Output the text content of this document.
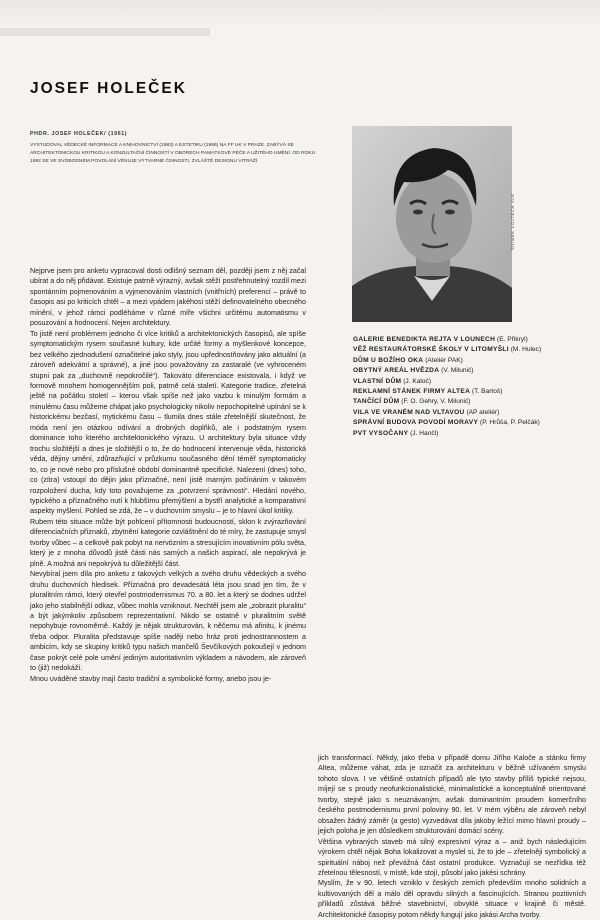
JOSEF HOLEČEK
PHDR. JOSEF HOLEČEK/ (1961)

VYSTUDOVAL VĚDECKÉ INFORMACE A KNIHOVNICTVÍ (1983) A ESTETIKU (1986) NA FF UK V PRAZE. ZABÝVÁ SE ARCHITEKTONICKOU KRITIKOU A KONZULTAČNÍ ČINNOSTÍ V OBORECH PAMÁTKOVÉ PÉČE A UŽITÉHO UMĚNÍ. OD ROKU 1992 SE VE SVOBODNÉM POVOLÁNÍ VĚNUJE VÝTVARNÉ ČINNOSTI, ZVLÁŠTĚ DESIGNU VITRÁŽÍ.

SNÍMEK VOJTĚCH VLK
GALERIE BENEDIKTA REJTA V LOUNECH (E. Přikryl)
VĚŽ RESTAURÁTORSKÉ ŠKOLY V LITOMYŠLI (M. Hulec)
DŮM U BOŽÍHO OKA (Ateliér PAK)
OBYTNÝ AREÁL HVĚZDA (V. Milunić)
VLASTNÍ DŮM (J. Kaloč)
REKLAMNÍ STÁNEK FIRMY ALTEA (T. Bartoš)
TANČÍCÍ DŮM (F. O. Gehry, V. Milunić)
VILA VE VRANÉM NAD VLTAVOU (AP ateliér)
SPRÁVNÍ BUDOVA POVODÍ MORAVY (P. Hrůša, P. Pelčák)
PVT VYSOČANY (J. Hančl)

Nejprve jsem pro anketu vypracoval dosti odlišný seznam děl, později jsem z něj začal ubírat a do něj přidávat. Existuje patrně výrazný, avšak stěží postřehnutelný rozdíl mezi spontánním pojmenováním a vyjmenováním vlastních (vnitřních) preferencí – právě to časopis asi po kriticích chtěl – a mezi vpádem jakéhosi stěží definovatelného obecného mínění, v jehož rámci podléháme v různé míře všichni určitému automatismu v posuzování a hodnocení. Nejen architektury.

To jistě není problémem jednoho či více kritiků a architektonických časopisů, ale spíše symptomatickým rysem současné kultury, kde určité formy a myšlenkové koncepce, bez velkého zjednodušení označitelné jako styly, jsou upřednostňovány jako aktuální (a zároveň adekvátní a správné), a jiné jsou považovány za zastaralé (ve vyhroceném stupni pak za „duchovně nepokročilé“). Takováto diferenciace existovala, i když ve formově mnohem homogennějším poli, patrně celá staletí. Kategorie tradice, zřetelná ještě na počátku století – kterou však spíše než jako vazbu k minulým formám a minulému času můžeme chápat jako psychologicky nikoliv nepochopitelné upínání se k historickému bezčasí, mytickému času – tlumila dnes stále zřetelnější skutečnost, že móda není jen otázkou odívání a drobných doplňků, ale i podstatným rysem dominance toho kterého architektonického výrazu. U architektury byla situace vždy trochu složitější a dnes je složitější o to, že do hodnocení intervenuje věda, historická věda, dějiny umění, zdůrazňující v průzkumu současného dění téměř symptomaticky to, co je nové nebo pro příslušné období dominantně specifické. Nalezení (dnes) toho, co (zítra) vstoupí do dějin jako příznačné, není jistě marným počínáním v takovém rozpoložení ducha, kdy toto považujeme za „potvrzení správnosti“. Hledání nového, typického a příznačného nutí k hlubšímu přemýšlení a bystří analytické a komparativní aspekty myšlení. Pohled se zdá, že – v duchovním smyslu – je to hlavní úkol kritiky.

Rubem této situace může být pohlcení přítomnosti budoucností, sklon k zvýrazňování diferenciačních příznaků, zbytnění kategorie ozvláštnění do té míry, že zastupuje smysl tvorby vůbec – a celkově pak pobyt na nervózním a stresujícím inovativním pólu světa, který je z mnoha důvodů jistě části nás samých a našich aspirací, ale nepokrývá je plně. A možná ani nepokrývá tu důležitější část.

Nevybíral jsem díla pro anketu z takových velkých a svého druhu vědeckých a svého druhu duchovních hledisek. Příznačná pro devadesátá léta jsou snad jen tím, že v pluralitním rámci, který otevřel postmodernismus 70. a 80. let a který se dodnes udržel jako jeho stabilnější odkaz, vůbec mohla vzniknout. Nechtěl jsem ale „zobrazit pluralitu“ a být jakýmkoliv způsobem reprezentativní. Nikdo se ostatně v pluralitním světě nepohybuje rovnoměrně. Každý je nějak strukturován, k něčemu má afinitu, k jinému třeba odpor. Pluralita představuje spíše naději nebo hráz proti jednostrannostem a ambicím, kdy se skupiny kritiků typu našich mančelů Ševčíkových pokoušejí v jednom čase pokrýt celé pole umění jediným autoritativním výkladem a návodem, ale zároveň to (již) nedokáží.

Mnou uváděné stavby mají často tradiční a symbolické formy, anebo jsou je-

jich transformací. Někdy, jako třeba v případě domu Jiřího Kaloče a stánku firmy Altea, můžeme váhat, zda je označit za architekturu v běžně užívaném smyslu tohoto slova. I ve většině ostatních případů ale tyto stavby příliš typické nejsou, míjejí se s proudy neofunkcionalistické, minimalistické a konceptuálně orientované tvorby, stejně jako s neuznávaným, avšak dominantním proudem komerčního českého postmodernismu první poloviny 90. let. V mém výběru ale zároveň nebyl obsažen žádný záměr (a gesto) vyzvedávat díla jakoby ležící mimo hlavní proudy – jejich poloha je jen důsledkem strukturování domácí scény.

Většina vybraných staveb má silný expresivní výraz a – aniž bych následujícím výrokem chtěl nějak Boha lokalizovat a myslel si, že to jde – zřetelněji symbolický a spirituální náboj než převážná část ostatní produkce. Vyznačují se nezřídka též zřetelnou tělesností, v místě, kde stojí, působí jako jakési schrány.

Myslím, že v 90. letech vzniklo v českých zemích především mnoho solidních a kultivovaných děl a málo děl opravdu silných a fascinujících. Stranou pozitivních příkladů zůstává běžné stavebnictví, obvyklé situace v krajině či městě. Architektonické časopisy potom někdy fungují jako jakási Archa tvorby.
